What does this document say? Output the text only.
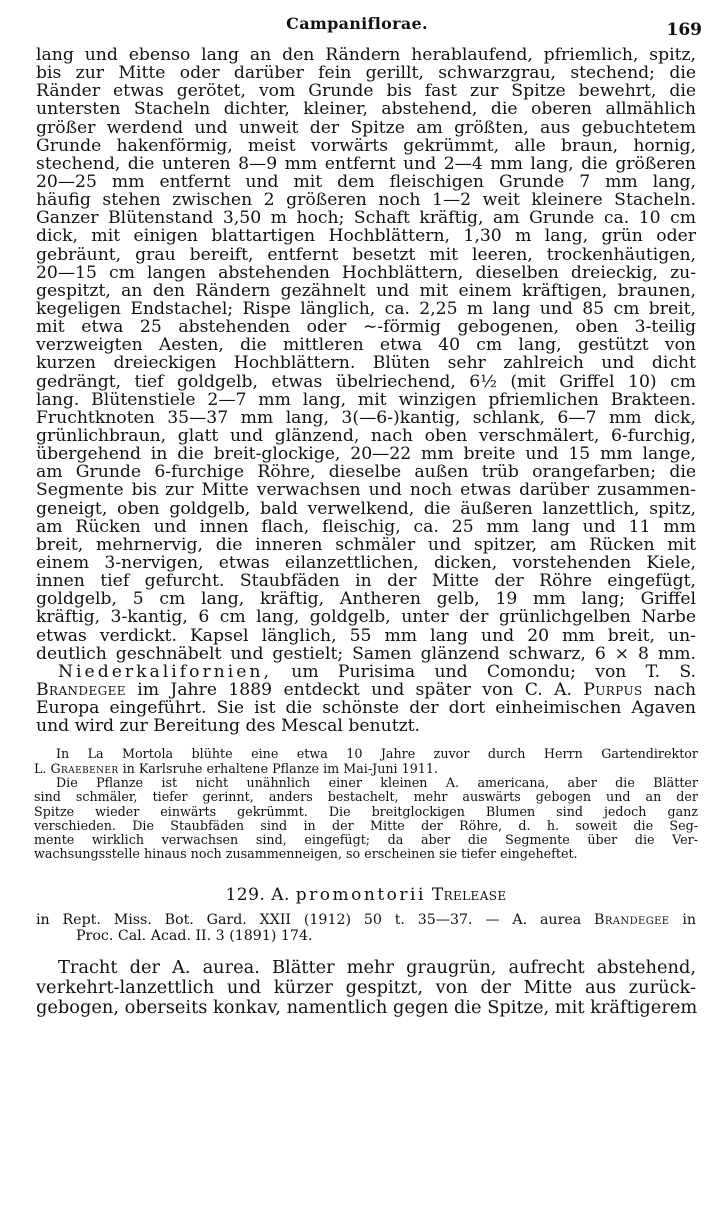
Campaniflorae.	169
lang und ebenso lang an den Rändern herablaufend, pfriemlich, spitz,
bis zur Mitte oder darüber fein gerillt, schwarzgrau, stechend; die
Ränder etwas gerötet, vom Grunde bis fast zur Spitze bewehrt, die
untersten Stacheln dichter, kleiner, abstehend, die oberen allmählich
größer werdend und unweit der Spitze am größten, aus gebuchtetem
Grunde hakenförmig, meist vorwärts gekrümmt, alle braun, hornig,
stechend, die unteren 8—9 mm entfernt und 2—4 mm lang, die größeren
20—25 mm entfernt und mit dem fleischigen Grunde 7 mm lang,
häufig stehen zwischen 2 größeren noch 1—2 weit kleinere Stacheln.
Ganzer Blütenstand 3,50 m hoch; Schaft kräftig, am Grunde ca. 10 cm
dick, mit einigen blattartigen Hochblättern, 1,30 m lang, grün oder
gebräunt, grau bereift, entfernt besetzt mit leeren, trockenhäutigen,
20—15 cm langen abstehenden Hochblättern, dieselben dreieckig, zu-
gespitzt, an den Rändern gezähnelt und mit einem kräftigen, braunen,
kegeligen Endstachel; Rispe länglich, ca. 2,25 m lang und 85 cm breit,
mit etwa 25 abstehenden oder ∼-förmig gebogenen, oben 3-teilig
verzweigten Aesten, die mittleren etwa 40 cm lang, gestützt von
kurzen dreieckigen Hochblättern. Blüten sehr zahlreich und dicht
gedrängt, tief goldgelb, etwas übelriechend, 6½ (mit Griffel 10) cm
lang. Blütenstiele 2—7 mm lang, mit winzigen pfriemlichen Brakteen.
Fruchtknoten 35—37 mm lang, 3(—6-)kantig, schlank, 6—7 mm dick,
grünlichbraun, glatt und glänzend, nach oben verschmälert, 6-furchig,
übergehend in die breit-glockige, 20—22 mm breite und 15 mm lange,
am Grunde 6-furchige Röhre, dieselbe außen trüb orangefarben; die
Segmente bis zur Mitte verwachsen und noch etwas darüber zusammen-
geneigt, oben goldgelb, bald verwelkend, die äußeren lanzettlich, spitz,
am Rücken und innen flach, fleischig, ca. 25 mm lang und 11 mm
breit, mehrnervig, die inneren schmäler und spitzer, am Rücken mit
einem 3-nervigen, etwas eilanzettlichen, dicken, vorstehenden Kiele,
innen tief gefurcht. Staubfäden in der Mitte der Röhre eingefügt,
goldgelb, 5 cm lang, kräftig, Antheren gelb, 19 mm lang; Griffel
kräftig, 3-kantig, 6 cm lang, goldgelb, unter der grünlichgelben Narbe
etwas verdickt. Kapsel länglich, 55 mm lang und 20 mm breit, un-
deutlich geschnäbelt und gestielt; Samen glänzend schwarz, 6 × 8 mm.
Niederkalifornien, um Purisima und Comondu; von T. S.
Brandegee im Jahre 1889 entdeckt und später von C. A. Purpus nach
Europa eingeführt. Sie ist die schönste der dort einheimischen Agaven
und wird zur Bereitung des Mescal benutzt.
In La Mortola blühte eine etwa 10 Jahre zuvor durch Herrn Gartendirektor
L. Graebener in Karlsruhe erhaltene Pflanze im Mai-Juni 1911.
Die Pflanze ist nicht unähnlich einer kleinen A. americana, aber die Blätter
sind schmäler, tiefer gerinnt, anders bestachelt, mehr auswärts gebogen und an der
Spitze wieder einwärts gekrümmt. Die breitglockigen Blumen sind jedoch ganz
verschieden. Die Staubfäden sind in der Mitte der Röhre, d. h. soweit die Seg-
mente wirklich verwachsen sind, eingefügt; da aber die Segmente über die Ver-
wachsungsstelle hinaus noch zusammenneigen, so erscheinen sie tiefer eingeheftet.
129. A. promontorii Trelease
in Rept. Miss. Bot. Gard. XXII (1912) 50 t. 35—37. — A. aurea Brandegee in
Proc. Cal. Acad. II. 3 (1891) 174.
Tracht der A. aurea. Blätter mehr graugrün, aufrecht abstehend,
verkehrt-lanzettlich und kürzer gespitzt, von der Mitte aus zurück-
gebogen, oberseits konkav, namentlich gegen die Spitze, mit kräftigerem
